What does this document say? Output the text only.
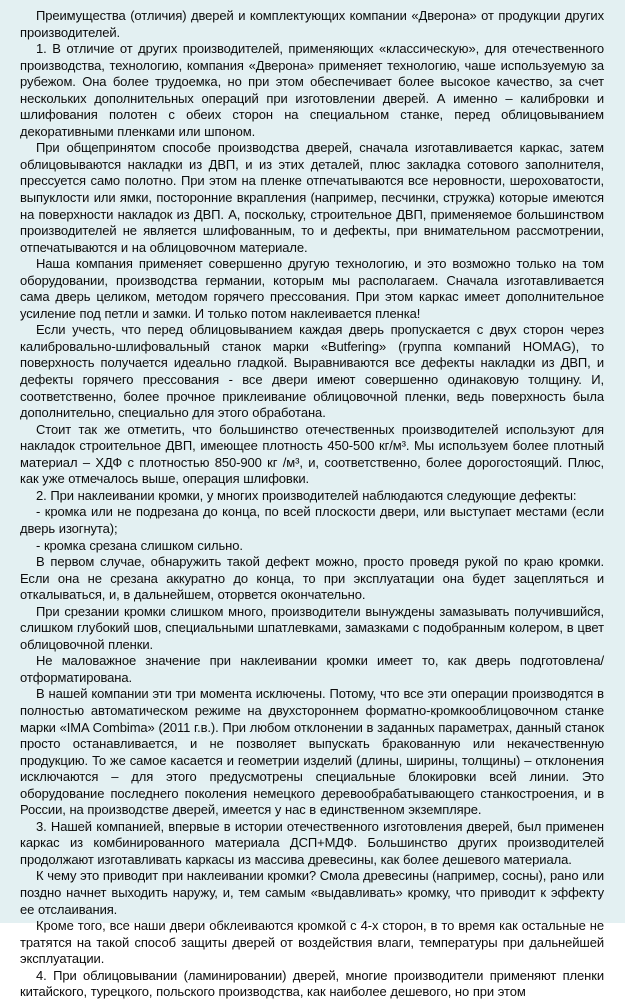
Преимущества (отличия) дверей и комплектующих компании «Дверона» от продукции других производителей.

1. В отличие от других производителей, применяющих «классическую», для отечественного производства, технологию, компания «Дверона» применяет технологию, чаше используемую за рубежом. Она более трудоемка, но при этом обеспечивает более высокое качество, за счет нескольких дополнительных операций при изготовлении дверей. А именно – калибровки и шлифования полотен с обеих сторон на специальном станке, перед облицовыванием декоративными пленками или шпоном.

При общепринятом способе производства дверей, сначала изготавливается каркас, затем облицовываются накладки из ДВП, и из этих деталей, плюс закладка сотового заполнителя, прессуется само полотно. При этом на пленке отпечатываются все неровности, шероховатости, выпуклости или ямки, посторонние вкрапления (например, песчинки, стружка) которые имеются на поверхности накладок из ДВП. А, поскольку, строительное ДВП, применяемое большинством производителей не является шлифованным, то и дефекты, при внимательном рассмотрении, отпечатываются и на облицовочном материале.

Наша компания применяет совершенно другую технологию, и это возможно только на том оборудовании, производства германии, которым мы располагаем. Сначала изготавливается сама дверь целиком, методом горячего прессования. При этом каркас имеет дополнительное усиление под петли и замки. И только потом наклеивается пленка!

Если учесть, что перед облицовыванием каждая дверь пропускается с двух сторон через калибровально-шлифовальный станок марки «Butfering» (группа компаний HOMAG), то поверхность получается идеально гладкой. Выравниваются все дефекты накладки из ДВП, и дефекты горячего прессования - все двери имеют совершенно одинаковую толщину. И, соответственно, более прочное приклеивание облицовочной пленки, ведь поверхность была дополнительно, специально для этого обработана.

Стоит так же отметить, что большинство отечественных производителей используют для накладок строительное ДВП, имеющее плотность 450-500 кг/м³. Мы используем более плотный материал – ХДФ с плотностью 850-900 кг /м³, и, соответственно, более дорогостоящий. Плюс, как уже отмечалось выше, операция шлифовки.

2. При наклеивании кромки, у многих производителей наблюдаются следующие дефекты:

- кромка или не подрезана до конца, по всей плоскости двери, или выступает местами (если дверь изогнута);

- кромка срезана слишком сильно.

В первом случае, обнаружить такой дефект можно, просто проведя рукой по краю кромки. Если она не срезана аккуратно до конца, то при эксплуатации она будет зацепляться и откалываться, и, в дальнейшем, оторвется окончательно.

При срезании кромки слишком много, производители вынуждены замазывать получившийся, слишком глубокий шов, специальными шпатлевками, замазками с подобранным колером, в цвет облицовочной пленки.

Не маловажное значение при наклеивании кромки имеет то, как дверь подготовлена/отформатирована.

В нашей компании эти три момента исключены. Потому, что все эти операции производятся в полностью автоматическом режиме на двухстороннем форматно-кромкооблицовочном станке марки «IMA Combima» (2011 г.в.). При любом отклонении в заданных параметрах, данный станок просто останавливается, и не позволяет выпускать бракованную или некачественную продукцию. То же самое касается и геометрии изделий (длины, ширины, толщины) – отклонения исключаются – для этого предусмотрены специальные блокировки всей линии. Это оборудование последнего поколения немецкого деревообрабатывающего станкостроения, и в России, на производстве дверей, имеется у нас в единственном экземпляре.

3. Нашей компанией, впервые в истории отечественного изготовления дверей, был применен каркас из комбинированного материала ДСП+МДФ. Большинство других производителей продолжают изготавливать каркасы из массива древесины, как более дешевого материала.

К чему это приводит при наклеивании кромки? Смола древесины (например, сосны), рано или поздно начнет выходить наружу, и, тем самым «выдавливать» кромку, что приводит к эффекту ее отслаивания.

Кроме того, все наши двери обклеиваются кромкой с 4-х сторон, в то время как остальные не тратятся на такой способ защиты дверей от воздействия влаги, температуры при дальнейшей эксплуатации.

4. При облицовывании (ламинировании) дверей, многие производители применяют пленки китайского, турецкого, польского производства, как наиболее дешевого, но при этом
